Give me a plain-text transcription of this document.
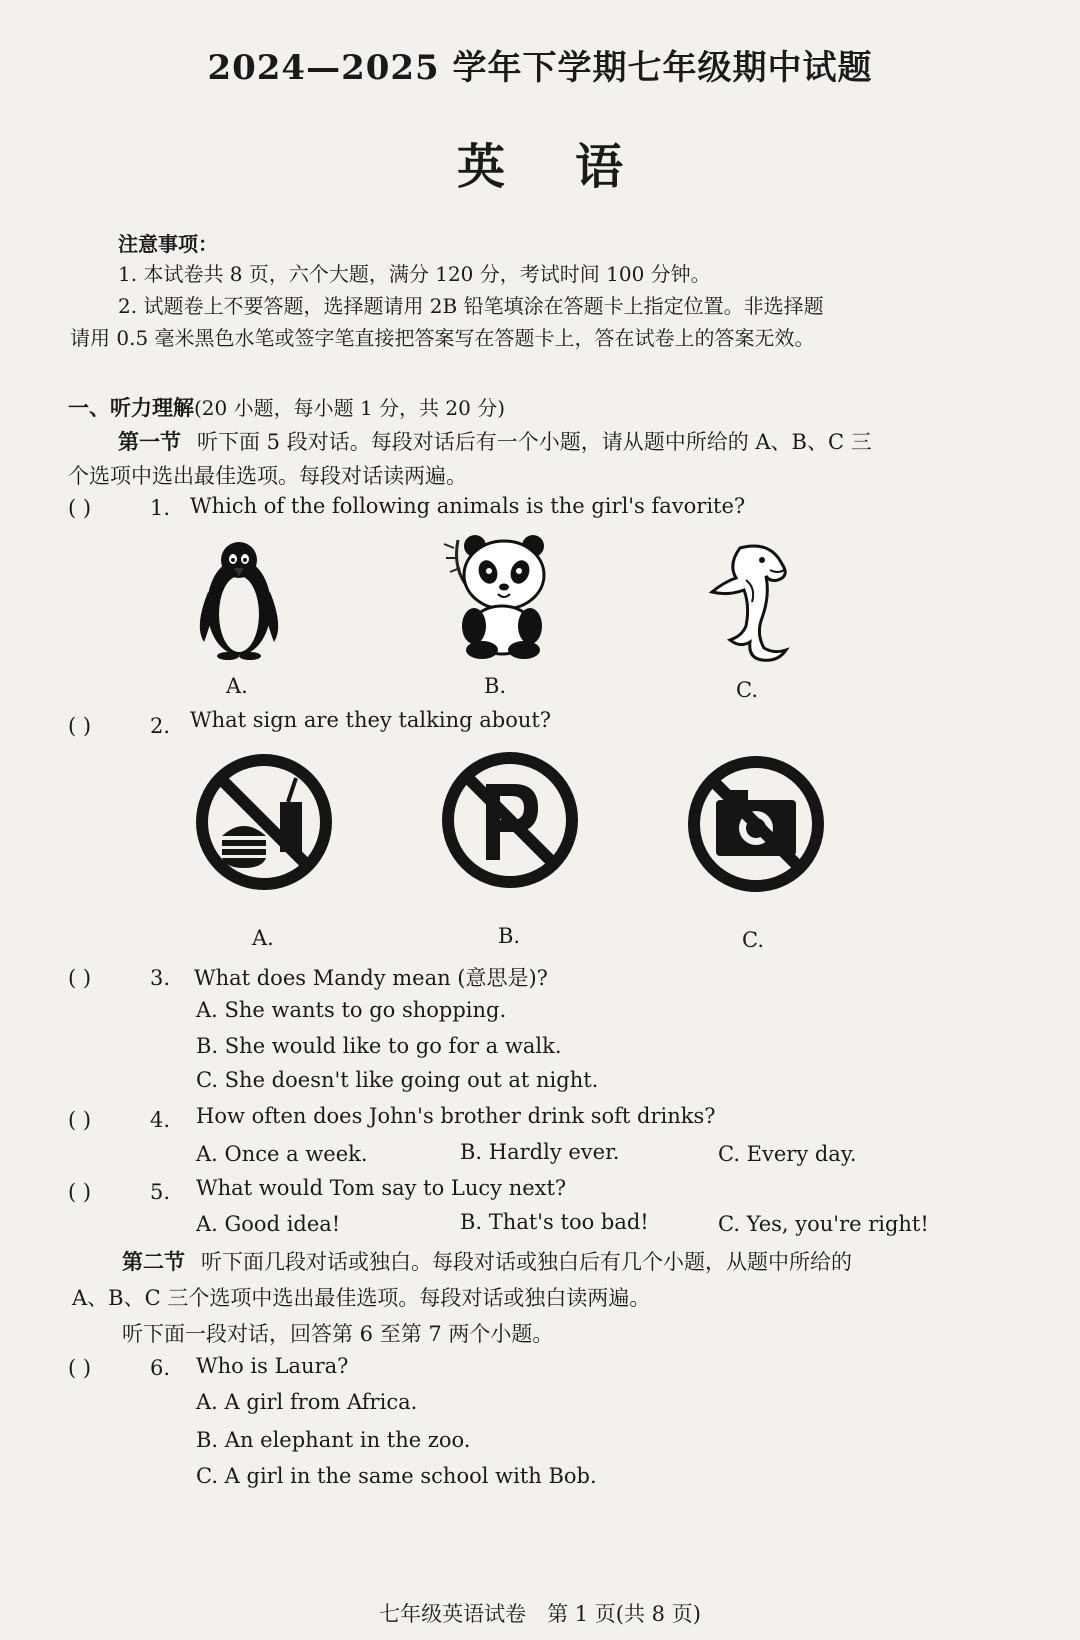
2024—2025 学年下学期七年级期中试题
英语
注意事项：
1. 本试卷共 8 页，六个大题，满分 120 分，考试时间 100 分钟。
2. 试题卷上不要答题，选择题请用 2B 铅笔填涂在答题卡上指定位置。非选择题
请用 0.5 毫米黑色水笔或签字笔直接把答案写在答题卡上，答在试卷上的答案无效。
一、听力理解(20 小题，每小题 1 分，共 20 分)
第一节 听下面 5 段对话。每段对话后有一个小题，请从题中所给的 A、B、C 三
个选项中选出最佳选项。每段对话读两遍。
( )	1. Which of the following animals is the girl's favorite?
A.	B.	C.
( )	2. What sign are they talking about?
A.	B.	C.
( )	3. What does Mandy mean (意思是)?
A. She wants to go shopping.
B. She would like to go for a walk.
C. She doesn't like going out at night.
( )	4. How often does John's brother drink soft drinks?
A. Once a week.	B. Hardly ever.	C. Every day.
( )	5. What would Tom say to Lucy next?
A. Good idea!	B. That's too bad!	C. Yes, you're right!
第二节 听下面几段对话或独白。每段对话或独白后有几个小题，从题中所给的
A、B、C 三个选项中选出最佳选项。每段对话或独白读两遍。
听下面一段对话，回答第 6 至第 7 两个小题。
( )	6. Who is Laura?
A. A girl from Africa.
B. An elephant in the zoo.
C. A girl in the same school with Bob.
七年级英语试卷　第 1 页(共 8 页)
